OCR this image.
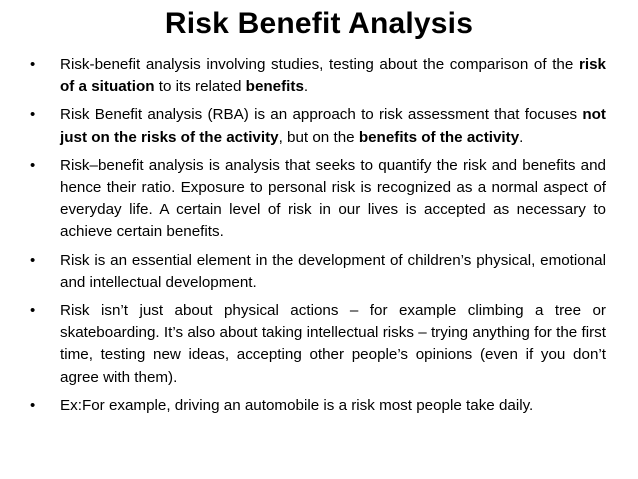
Risk Benefit Analysis
• Risk-benefit analysis involving studies, testing about the comparison of the risk of a situation to its related benefits.
• Risk Benefit analysis (RBA) is an approach to risk assessment that focuses not just on the risks of the activity, but on the benefits of the activity.
• Risk–benefit analysis is analysis that seeks to quantify the risk and benefits and hence their ratio. Exposure to personal risk is recognized as a normal aspect of everyday life. A certain level of risk in our lives is accepted as necessary to achieve certain benefits.
• Risk is an essential element in the development of children’s physical, emotional and intellectual development.
• Risk isn’t just about physical actions – for example climbing a tree or skateboarding. It’s also about taking intellectual risks – trying anything for the first time, testing new ideas, accepting other people’s opinions (even if you don’t agree with them).
• Ex:For example, driving an automobile is a risk most people take daily.
